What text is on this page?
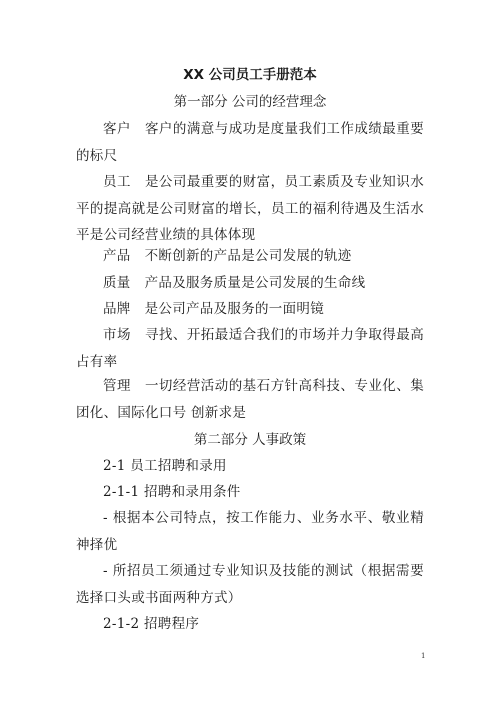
XX 公司员工手册范本
第一部分 公司的经营理念

客户 客户的满意与成功是度量我们工作成绩最重要的标尺

员工 是公司最重要的财富，员工素质及专业知识水平的提高就是公司财富的增长，员工的福利待遇及生活水平是公司经营业绩的具体体现

产品 不断创新的产品是公司发展的轨迹

质量 产品及服务质量是公司发展的生命线

品牌 是公司产品及服务的一面明镜

市场 寻找、开拓最适合我们的市场并力争取得最高占有率

管理 一切经营活动的基石方针高科技、专业化、集团化、国际化口号 创新求是

第二部分 人事政策

2-1 员工招聘和录用

2-1-1 招聘和录用条件

- 根据本公司特点，按工作能力、业务水平、敬业精神择优

- 所招员工须通过专业知识及技能的测试（根据需要选择口头或书面两种方式）

2-1-2 招聘程序

1
